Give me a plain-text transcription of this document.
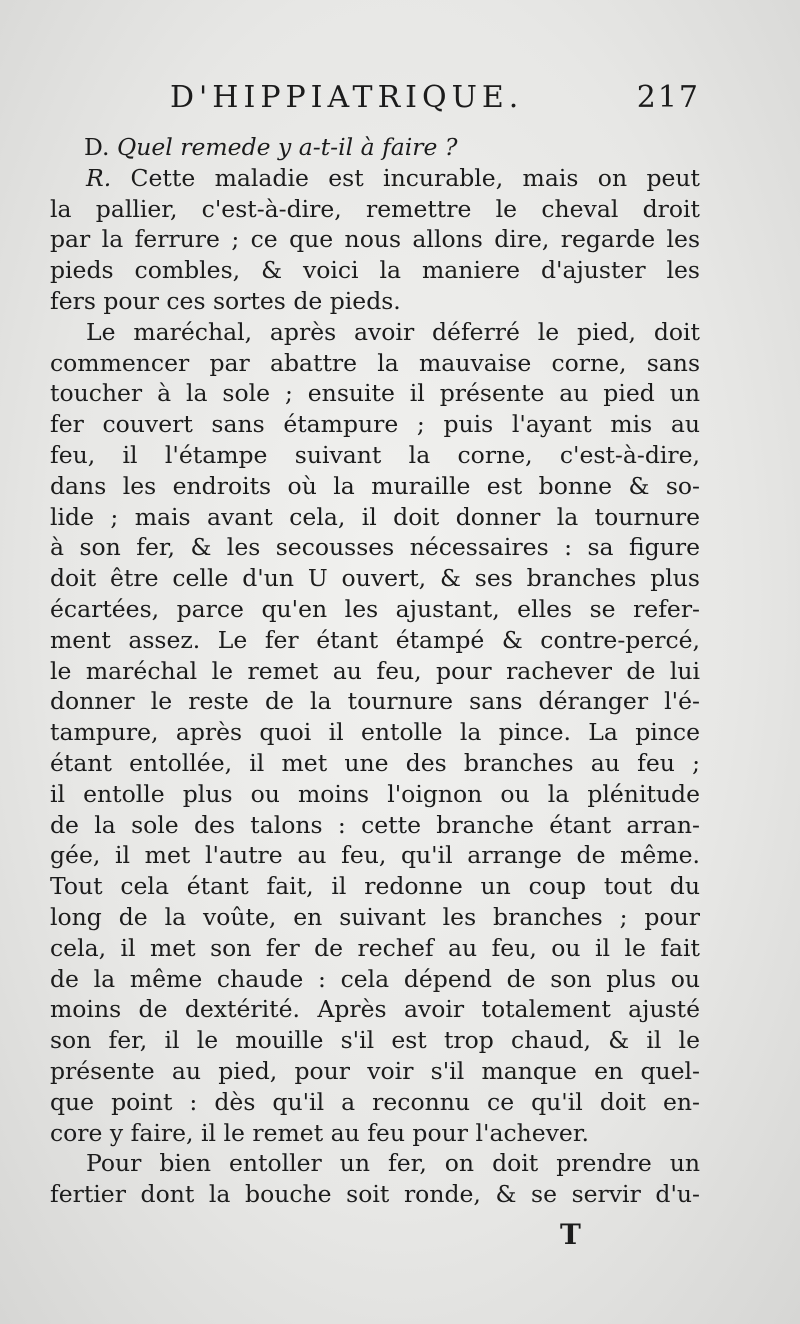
D'HIPPIATRIQUE.	217
D. Quel remede y a-t-il à faire ?
R. Cette maladie est incurable, mais on peut
la pallier, c'est-à-dire, remettre le cheval droit
par la ferrure ; ce que nous allons dire, regarde les
pieds combles, & voici la maniere d'ajuster les
fers pour ces sortes de pieds.
Le maréchal, après avoir déferré le pied, doit
commencer par abattre la mauvaise corne, sans
toucher à la sole ; ensuite il présente au pied un
fer couvert sans étampure ; puis l'ayant mis au
feu, il l'étampe suivant la corne, c'est-à-dire,
dans les endroits où la muraille est bonne & so-
lide ; mais avant cela, il doit donner la tournure
à son fer, & les secousses nécessaires : sa figure
doit être celle d'un U ouvert, & ses branches plus
écartées, parce qu'en les ajustant, elles se refer-
ment assez. Le fer étant étampé & contre-percé,
le maréchal le remet au feu, pour rachever de lui
donner le reste de la tournure sans déranger l'é-
tampure, après quoi il entolle la pince. La pince
étant entollée, il met une des branches au feu ;
il entolle plus ou moins l'oignon ou la plénitude
de la sole des talons : cette branche étant arran-
gée, il met l'autre au feu, qu'il arrange de même.
Tout cela étant fait, il redonne un coup tout du
long de la voûte, en suivant les branches ; pour
cela, il met son fer de rechef au feu, ou il le fait
de la même chaude : cela dépend de son plus ou
moins de dextérité. Après avoir totalement ajusté
son fer, il le mouille s'il est trop chaud, & il le
présente au pied, pour voir s'il manque en quel-
que point : dès qu'il a reconnu ce qu'il doit en-
core y faire, il le remet au feu pour l'achever.
Pour bien entoller un fer, on doit prendre un
fertier dont la bouche soit ronde, & se servir d'u-
T
